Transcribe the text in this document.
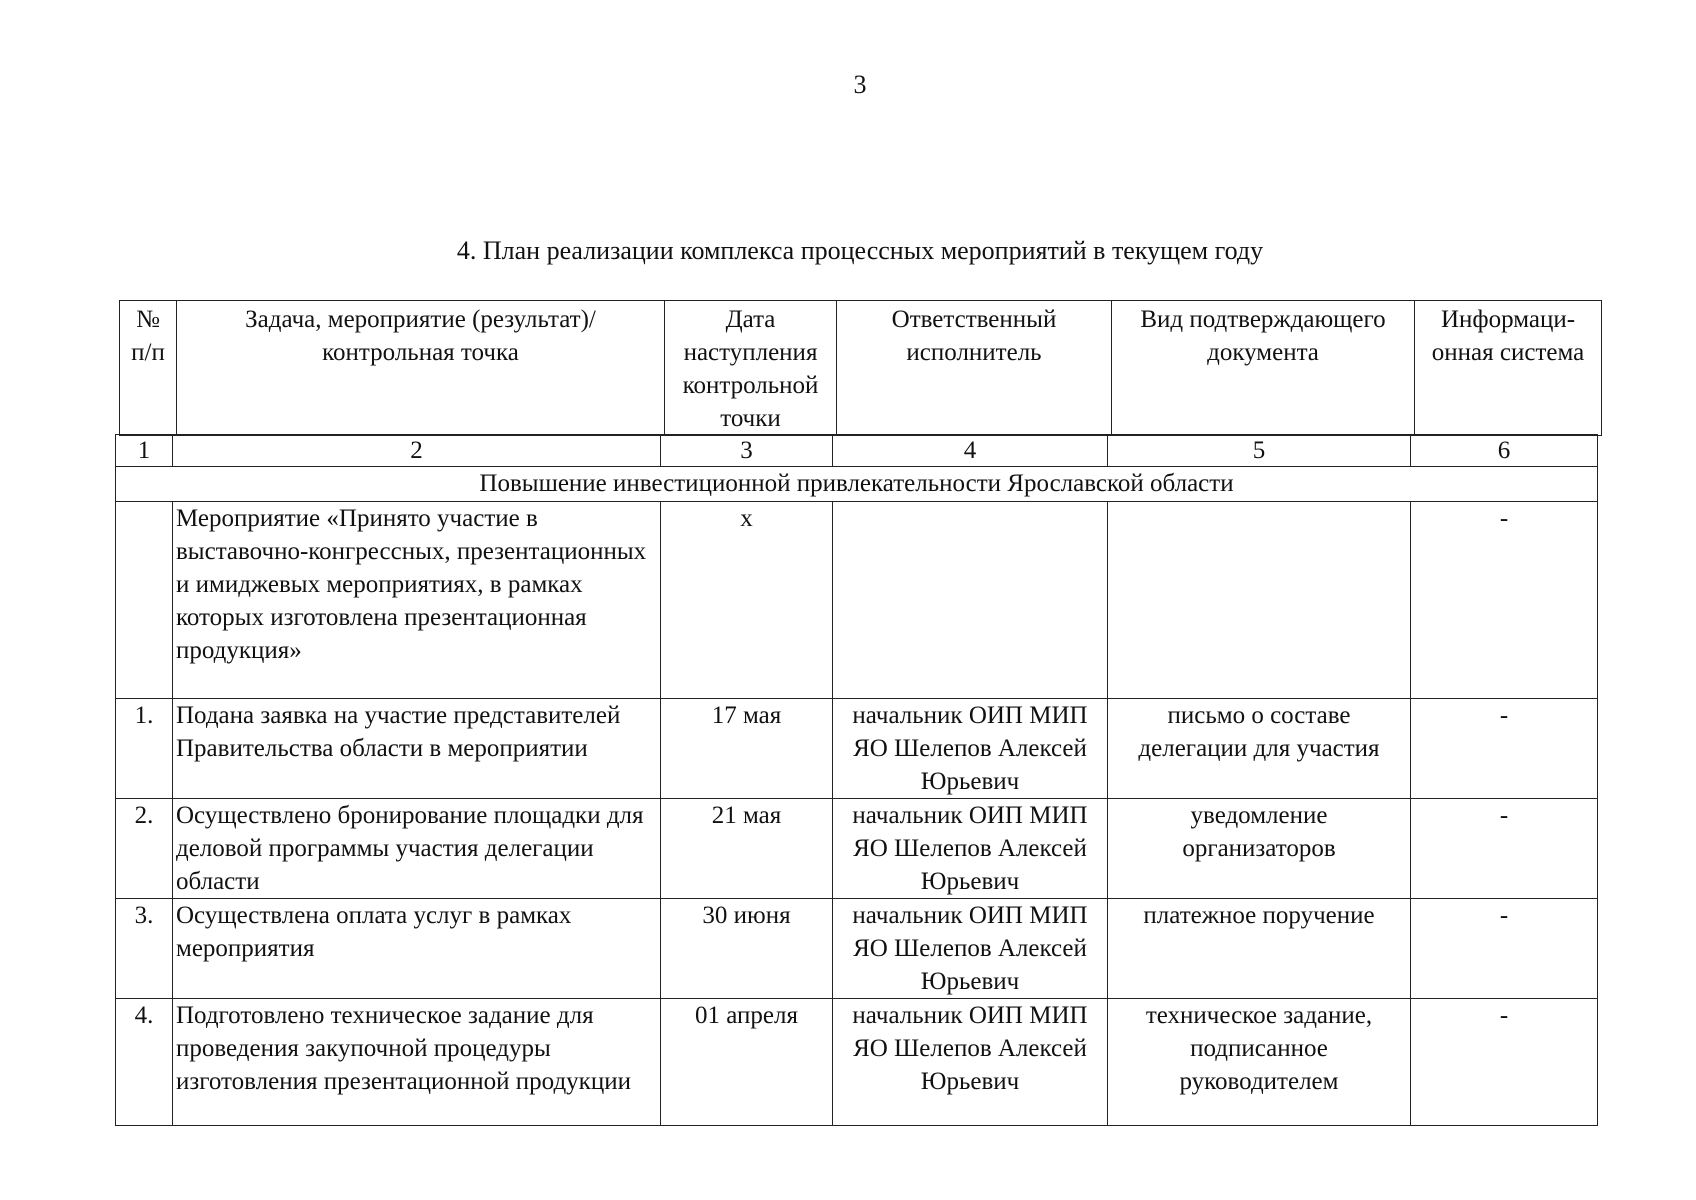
3
4. План реализации комплекса процессных мероприятий в текущем году
№ п/п	Задача, мероприятие (результат)/ контрольная точка	Дата наступления контрольной точки	Ответственный исполнитель	Вид подтверждающего документа	Информаци-онная система
1	2	3	4	5	6
Повышение инвестиционной привлекательности Ярославской области					
	Мероприятие «Принято участие в выставочно-конгрессных, презентационных и имиджевых мероприятиях, в рамках которых изготовлена презентационная продукция»	x			-
1.	Подана заявка на участие представителей Правительства области в мероприятии	17 мая	начальник ОИП МИП ЯО Шелепов Алексей Юрьевич	письмо о составе делегации для участия	-
2.	Осуществлено бронирование площадки для деловой программы участия делегации области	21 мая	начальник ОИП МИП ЯО Шелепов Алексей Юрьевич	уведомление организаторов	-
3.	Осуществлена оплата услуг в рамках мероприятия	30 июня	начальник ОИП МИП ЯО Шелепов Алексей Юрьевич	платежное поручение	-
4.	Подготовлено техническое задание для проведения закупочной процедуры изготовления презентационной продукции	01 апреля	начальник ОИП МИП ЯО Шелепов Алексей Юрьевич	техническое задание, подписанное руководителем	-
